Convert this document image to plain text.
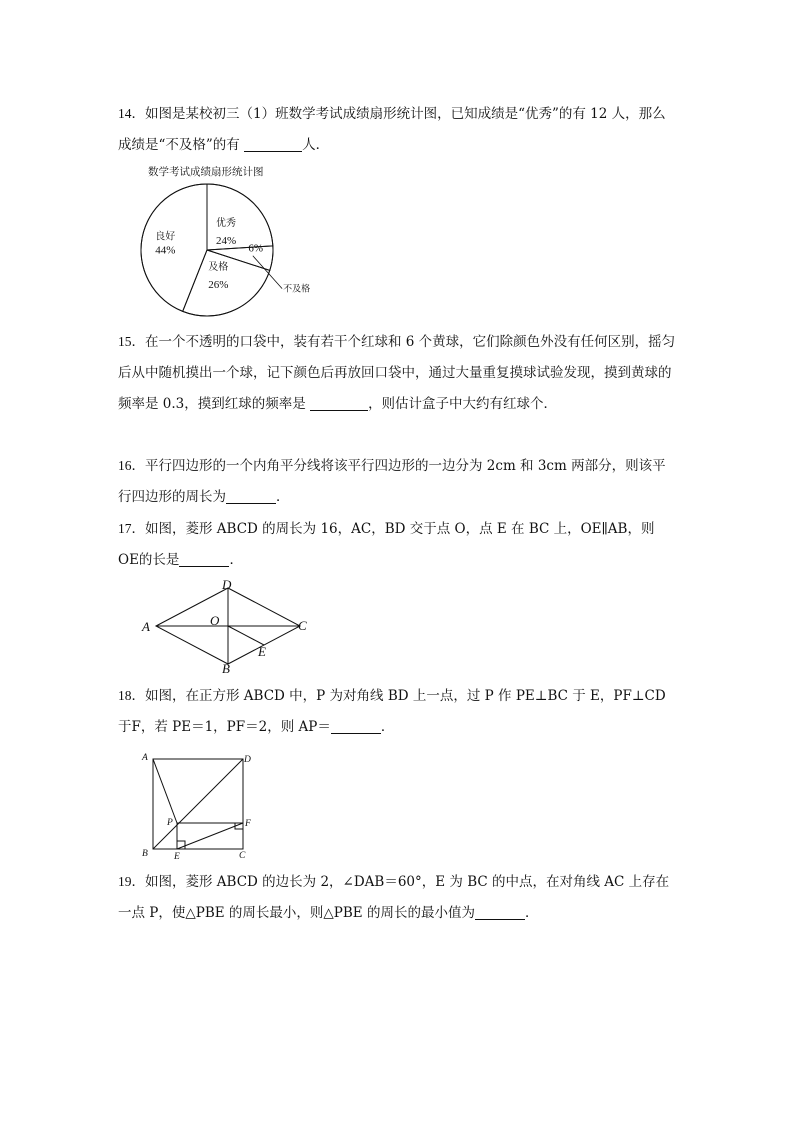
14．如图是某校初三（1）班数学考试成绩扇形统计图，已知成绩是“优秀”的有 12 人，那么成绩是“不及格”的有	人．
数学考试成绩扇形统计图
优秀
24%
6%
不及格
及格
26%
良好
44%
15．在一个不透明的口袋中，装有若干个红球和 6 个黄球，它们除颜色外没有任何区别，摇匀后从中随机摸出一个球，记下颜色后再放回口袋中，通过大量重复摸球试验发现，摸到黄球的频率是 0.3，摸到红球的频率是	，则估计盒子中大约有红球个．
16．平行四边形的一个内角平分线将该平行四边形的一边分为 2cm 和 3cm 两部分，则该平行四边形的周长为	．
17．如图，菱形 ABCD 的周长为 16，AC，BD 交于点 O，点 E 在 BC 上，OE∥AB，则 OE的长是	．
A
B
C
D
O
E
18．如图，在正方形 ABCD 中，P 为对角线 BD 上一点，过 P 作 PE⊥BC 于 E，PF⊥CD 于F，若 PE＝1，PF＝2，则 AP＝	．
A
B	C
D
P
E
F
19．如图，菱形 ABCD 的边长为 2，∠DAB＝60°，E 为 BC 的中点，在对角线 AC 上存在一点 P，使△PBE 的周长最小，则△PBE 的周长的最小值为	．
